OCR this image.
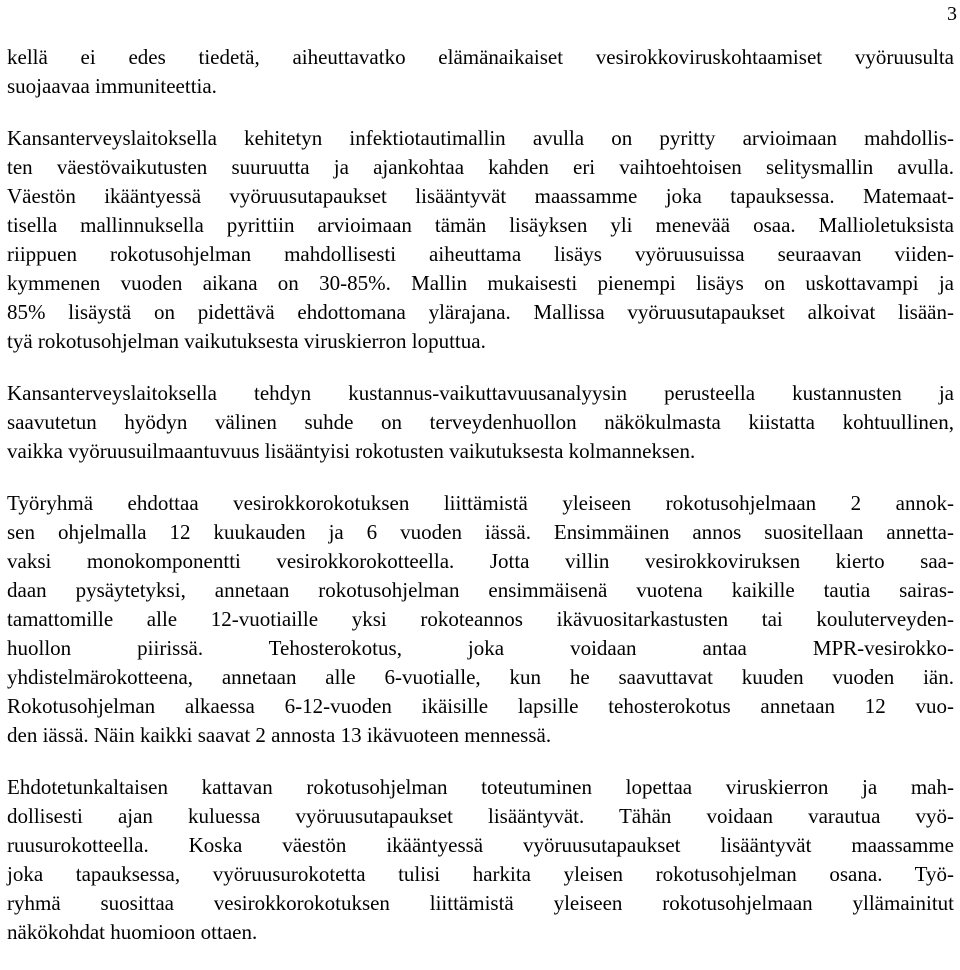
3

kellä ei edes tiedetä, aiheuttavatko elämänaikaiset vesirokkoviruskohtaamiset vyöruusulta
suojaavaa immuniteettia.

Kansanterveyslaitoksella kehitetyn infektiotautimallin avulla on pyritty arvioimaan mahdollis-
ten väestövaikutusten suuruutta ja ajankohtaa kahden eri vaihtoehtoisen selitysmallin avulla.
Väestön ikääntyessä vyöruusutapaukset lisääntyvät maassamme joka tapauksessa. Matemaat-
tisella mallinnuksella pyrittiin arvioimaan tämän lisäyksen yli menevää osaa. Mallioletuksista
riippuen rokotusohjelman mahdollisesti aiheuttama lisäys vyöruusuissa seuraavan viiden-
kymmenen vuoden aikana on 30-85%. Mallin mukaisesti pienempi lisäys on uskottavampi ja
85% lisäystä on pidettävä ehdottomana ylärajana. Mallissa vyöruusutapaukset alkoivat lisään-
tyä rokotusohjelman vaikutuksesta viruskierron loputtua.

Kansanterveyslaitoksella tehdyn kustannus-vaikuttavuusanalyysin perusteella kustannusten ja
saavutetun hyödyn välinen suhde on terveydenhuollon näkökulmasta kiistatta kohtuullinen,
vaikka vyöruusuilmaantuvuus lisääntyisi rokotusten vaikutuksesta kolmanneksen.

Työryhmä ehdottaa vesirokkorokotuksen liittämistä yleiseen rokotusohjelmaan 2 annok-
sen ohjelmalla 12 kuukauden ja 6 vuoden iässä. Ensimmäinen annos suositellaan annetta-
vaksi monokomponentti vesirokkorokotteella. Jotta villin vesirokkoviruksen kierto saa-
daan pysäytetyksi, annetaan rokotusohjelman ensimmäisenä vuotena kaikille tautia sairas-
tamattomille alle 12-vuotiaille yksi rokoteannos ikävuositarkastusten tai kouluterveyden-
huollon piirissä. Tehosterokotus, joka voidaan antaa MPR-vesirokko-
yhdistelmärokotteena, annetaan alle 6-vuotialle, kun he saavuttavat kuuden vuoden iän.
Rokotusohjelman alkaessa 6-12-vuoden ikäisille lapsille tehosterokotus annetaan 12 vuo-
den iässä. Näin kaikki saavat 2 annosta 13 ikävuoteen mennessä.

Ehdotetunkaltaisen kattavan rokotusohjelman toteutuminen lopettaa viruskierron ja mah-
dollisesti ajan kuluessa vyöruusutapaukset lisääntyvät. Tähän voidaan varautua vyö-
ruusurokotteella. Koska väestön ikääntyessä vyöruusutapaukset lisääntyvät maassamme
joka tapauksessa, vyöruusurokotetta tulisi harkita yleisen rokotusohjelman osana. Työ-
ryhmä suosittaa vesirokkorokotuksen liittämistä yleiseen rokotusohjelmaan yllämainitut
näkökohdat huomioon ottaen.
